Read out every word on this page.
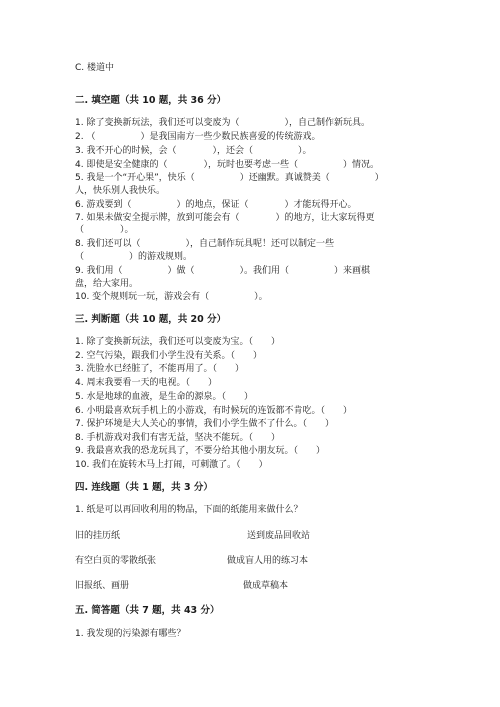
C. 楼道中
二. 填空题（共 10 题，共 36 分）
1. 除了变换新玩法，我们还可以变废为（　　　　　），自己制作新玩具。
2. （　　　　　）是我国南方一些少数民族喜爱的传统游戏。
3. 我不开心的时候，会（　　　　），还会（　　　　　）。
4. 即使是安全健康的（　　　　），玩时也要考虑一些（　　　　　）情况。
5. 我是一个“开心果”，快乐（　　　　　）还幽默。真诚赞美（　　　　　）
人，快乐别人我快乐。
6. 游戏要到（　　　　　）的地点，保证（　　　　）才能玩得开心。
7. 如果未做安全提示牌，放到可能会有（　　　　）的地方，让大家玩得更
（　　　　）。
8. 我们还可以（　　　　　），自己制作玩具呢！还可以制定一些
（　　　　　）的游戏规则。
9. 我们用（　　　　　）做（　　　　　）。我们用（　　　　　）来画棋
盘，给大家用。
10. 变个规则玩一玩，游戏会有（　　　　　）。
三. 判断题（共 10 题，共 20 分）
1. 除了变换新玩法，我们还可以变废为宝。（　　）
2. 空气污染，跟我们小学生没有关系。（　　）
3. 洗脸水已经脏了，不能再用了。（　　）
4. 周末我要看一天的电视。（　　）
5. 水是地球的血液，是生命的源泉。（　　）
6. 小明最喜欢玩手机上的小游戏，有时候玩的连饭都不肯吃。（　　）
7. 保护环境是大人关心的事情，我们小学生做不了什么。（　　）
8. 手机游戏对我们有害无益，坚决不能玩。（　　）
9. 我最喜欢我的恐龙玩具了，不要分给其他小朋友玩。（　　）
10. 我们在旋转木马上打闹，可刺激了。（　　）
四. 连线题（共 1 题，共 3 分）
1. 纸是可以再回收利用的物品，下面的纸能用来做什么？
旧的挂历纸	送到废品回收站
有空白页的零散纸张	做成盲人用的练习本
旧报纸、画册	做成草稿本
五. 简答题（共 7 题，共 43 分）
1. 我发现的污染源有哪些？
